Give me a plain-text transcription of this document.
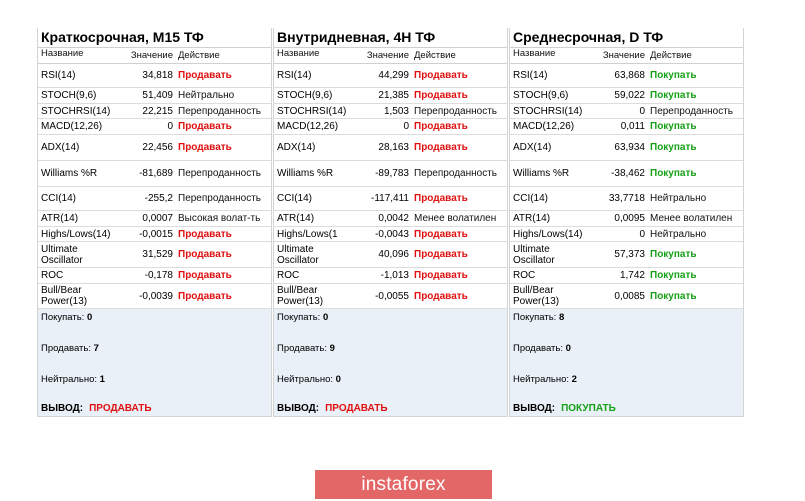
Краткосрочная, М15 ТФ
Название	Значение Действие
RSI(14)	34,818 Продавать
STOCH(9,6)	51,409 Нейтрально
STOCHRSI(14)	22,215 Перепроданность
MACD(12,26)	0 Продавать
ADX(14)	22,456 Продавать
Williams %R	-81,689 Перепроданность
CCI(14)	-255,2 Перепроданность
ATR(14)	0,0007 Высокая волат-ть
Highs/Lows(14)	-0,0015 Продавать
Ultimate Oscillator	31,529 Продавать
ROC	-0,178 Продавать
Bull/Bear Power(13)	-0,0039 Продавать
Покупать: 0
Продавать: 7
Нейтрально: 1
ВЫВОД: ПРОДАВАТЬ
Внутридневная, 4Н ТФ
Название	Значение Действие
RSI(14)	44,299 Продавать
STOCH(9,6)	21,385 Продавать
STOCHRSI(14)	1,503 Перепроданность
MACD(12,26)	0 Продавать
ADX(14)	28,163 Продавать
Williams %R	-89,783 Перепроданность
CCI(14)	-117,411 Продавать
ATR(14)	0,0042 Менее волатилен
Highs/Lows(1	-0,0043 Продавать
Ultimate Oscillator	40,096 Продавать
ROC	-1,013 Продавать
Bull/Bear Power(13)	-0,0055 Продавать
Покупать: 0
Продавать: 9
Нейтрально: 0
ВЫВОД: ПРОДАВАТЬ
Среднесрочная, D ТФ
Название	Значение Действие
RSI(14)	63,868 Покупать
STOCH(9,6)	59,022 Покупать
STOCHRSI(14)	0 Перепроданность
MACD(12,26)	0,011 Покупать
ADX(14)	63,934 Покупать
Williams %R	-38,462 Покупать
CCI(14)	33,7718 Нейтрально
ATR(14)	0,0095 Менее волатилен
Highs/Lows(14)	0 Нейтрально
Ultimate Oscillator	57,373 Покупать
ROC	1,742 Покупать
Bull/Bear Power(13)	0,0085 Покупать
Покупать: 8
Продавать: 0
Нейтрально: 2
ВЫВОД: ПОКУПАТЬ
instaforex
